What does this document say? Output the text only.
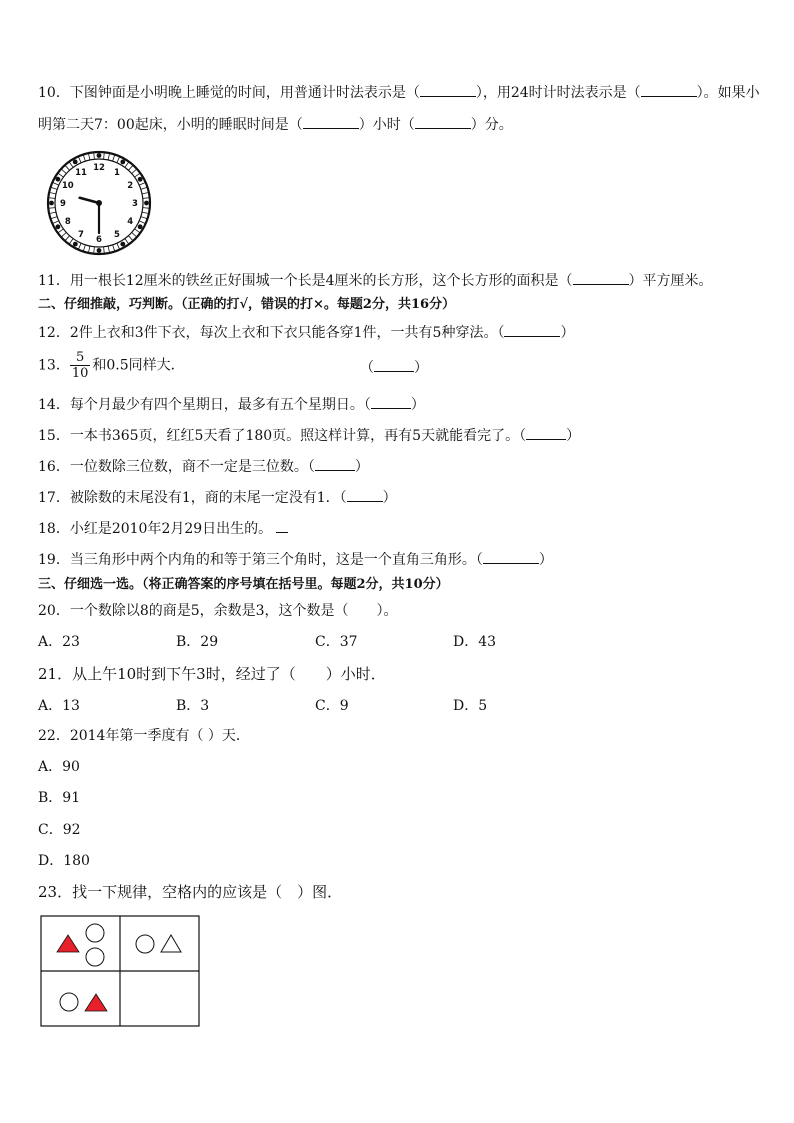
10．下图钟面是小明晚上睡觉的时间，用普通计时法表示是（	），用24时计时法表示是（	）。如果小
明第二天7：00起床，小明的睡眠时间是（	）小时（	）分。
12 1
2
3
4
5
6
7
8
9
10
11
11．用一根长12厘米的铁丝正好围城一个长是4厘米的长方形，这个长方形的面积是（	）平方厘米。
二、仔细推敲，巧判断。（正确的打√，错误的打×。每题2分，共16分）
12．2件上衣和3件下衣，每次上衣和下衣只能各穿1件，一共有5种穿法。（	）
13． $\frac{5}{10}$ 和0.5同样大．	（	）
14．每个月最少有四个星期日，最多有五个星期日。（	）
15．一本书365页，红红5天看了180页。照这样计算，再有5天就能看完了。（	）
16．一位数除三位数，商不一定是三位数。（	）
17．被除数的末尾没有1，商的末尾一定没有1．（	）
18．小红是2010年2月29日出生的。
19．当三角形中两个内角的和等于第三个角时，这是一个直角三角形。（	）
三、仔细选一选。（将正确答案的序号填在括号里。每题2分，共10分）
20．一个数除以8的商是5，余数是3，这个数是（　　）。
A．23	B．29	C．37	D．43
21．从上午10时到下午3时，经过了（　　）小时．
A．13	B．3	C．9	D．5
22．2014年第一季度有（ ）天．
A．90
B．91
C．92
D．180
23．找一下规律，空格内的应该是（　）图．
